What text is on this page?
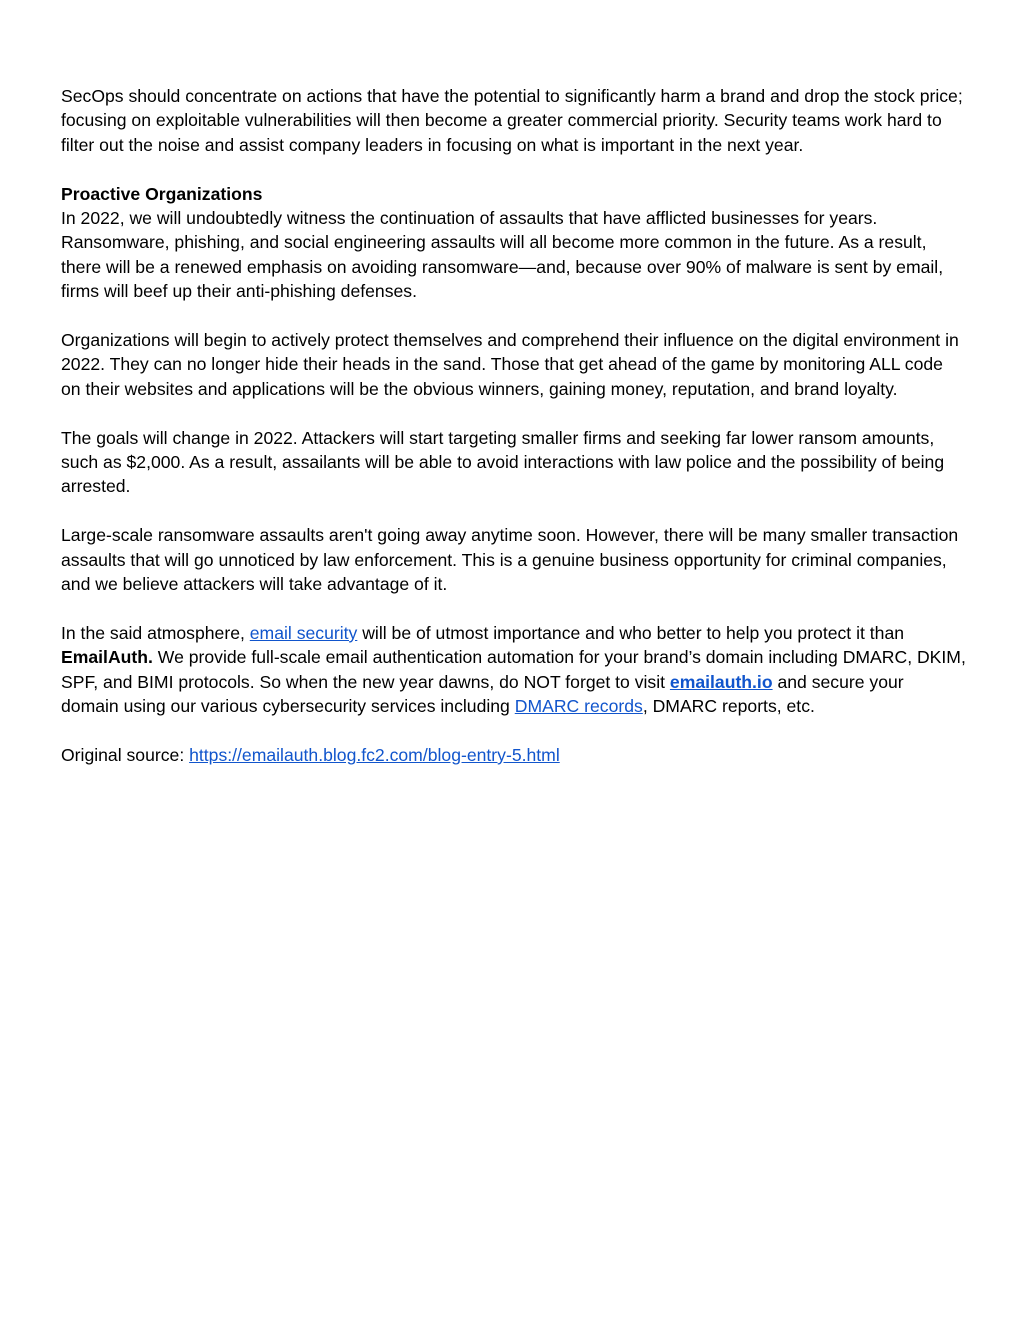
SecOps should concentrate on actions that have the potential to significantly harm a brand and drop the stock price; focusing on exploitable vulnerabilities will then become a greater commercial priority. Security teams work hard to filter out the noise and assist company leaders in focusing on what is important in the next year.

Proactive Organizations
In 2022, we will undoubtedly witness the continuation of assaults that have afflicted businesses for years. Ransomware, phishing, and social engineering assaults will all become more common in the future. As a result, there will be a renewed emphasis on avoiding ransomware—and, because over 90% of malware is sent by email, firms will beef up their anti-phishing defenses.

Organizations will begin to actively protect themselves and comprehend their influence on the digital environment in 2022. They can no longer hide their heads in the sand. Those that get ahead of the game by monitoring ALL code on their websites and applications will be the obvious winners, gaining money, reputation, and brand loyalty.

The goals will change in 2022. Attackers will start targeting smaller firms and seeking far lower ransom amounts, such as $2,000. As a result, assailants will be able to avoid interactions with law police and the possibility of being arrested.

Large-scale ransomware assaults aren't going away anytime soon. However, there will be many smaller transaction assaults that will go unnoticed by law enforcement. This is a genuine business opportunity for criminal companies, and we believe attackers will take advantage of it.

In the said atmosphere, email security will be of utmost importance and who better to help you protect it than EmailAuth. We provide full-scale email authentication automation for your brand’s domain including DMARC, DKIM, SPF, and BIMI protocols. So when the new year dawns, do NOT forget to visit emailauth.io and secure your domain using our various cybersecurity services including DMARC records, DMARC reports, etc.

Original source: https://emailauth.blog.fc2.com/blog-entry-5.html
